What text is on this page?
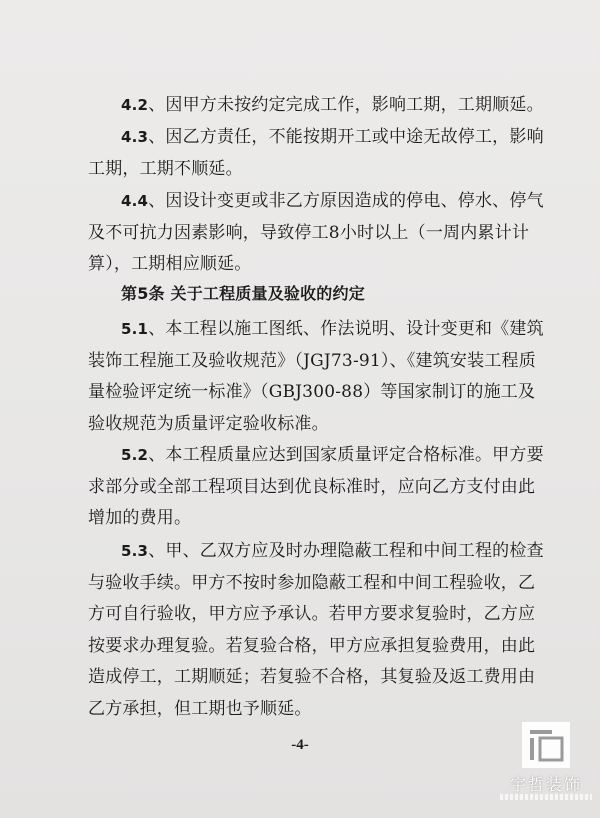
4.2、因甲方未按约定完成工作，影响工期，工期顺延。

4.3、因乙方责任，不能按期开工或中途无故停工，影响工期，工期不顺延。

4.4、因设计变更或非乙方原因造成的停电、停水、停气及不可抗力因素影响，导致停工8小时以上（一周内累计计算），工期相应顺延。

第5条 关于工程质量及验收的约定

5.1、本工程以施工图纸、作法说明、设计变更和《建筑装饰工程施工及验收规范》（JGJ73-91）、《建筑安装工程质量检验评定统一标准》（GBJ300-88）等国家制订的施工及验收规范为质量评定验收标准。

5.2、本工程质量应达到国家质量评定合格标准。甲方要求部分或全部工程项目达到优良标准时，应向乙方支付由此增加的费用。

5.3、甲、乙双方应及时办理隐蔽工程和中间工程的检查与验收手续。甲方不按时参加隐蔽工程和中间工程验收，乙方可自行验收，甲方应予承认。若甲方要求复验时，乙方应按要求办理复验。若复验合格，甲方应承担复验费用，由此造成停工，工期顺延；若复验不合格，其复验及返工费用由乙方承担，但工期也予顺延。

-4-
宇哲装饰
